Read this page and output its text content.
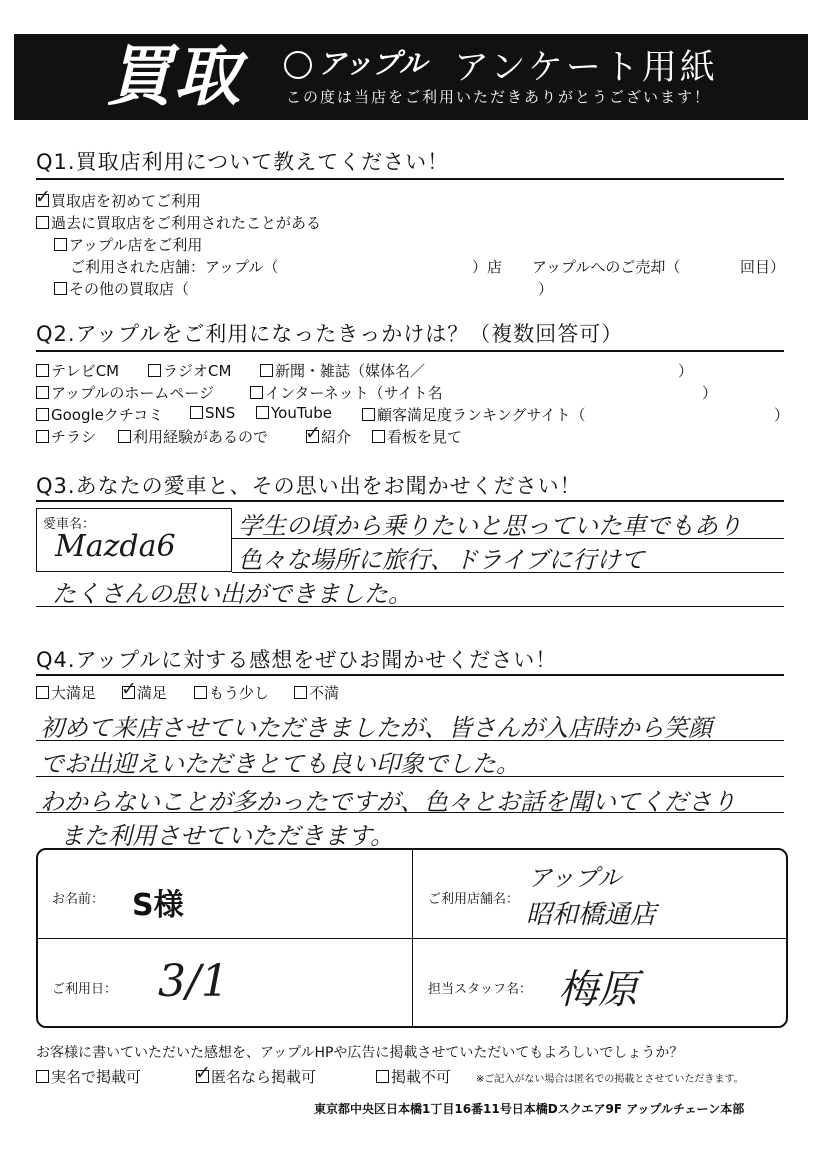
買取	アップル アンケート用紙
この度は当店をご利用いただきありがとうございます！
Q1.買取店利用について教えてください！
✓ 買取店を初めてご利用
過去に買取店をご利用されたことがある
アップル店をご利用
ご利用された店舗：アップル（	）店 アップルへのご売却（	回目）
その他の買取店（	）
Q2.アップルをご利用になったきっかけは？（複数回答可）
テレビCM	ラジオCM	新聞・雑誌（媒体名／	）
アップルのホームページ	インターネット（サイト名	）
Googleクチコミ	SNS	YouTube	顧客満足度ランキングサイト（	）
チラシ	利用経験があるので ✓ 紹介	看板を見て
Q3.あなたの愛車と、その思い出をお聞かせください！
愛車名：
Mazda6
学生の頃から乗りたいと思っていた車でもあり
色々な場所に旅行、ドライブに行けて
たくさんの思い出ができました。
Q4.アップルに対する感想をぜひお聞かせください！
大満足 ✓ 満足	もう少し	不満
初めて来店させていただきましたが、皆さんが入店時から笑顔
でお出迎えいただきとても良い印象でした。
わからないことが多かったですが、色々とお話を聞いてくださり
また利用させていただきます。
お名前： S様	ご利用店舗名：
アップル
昭和橋通店
ご利用日： 3/1	担当スタッフ名： 梅原
お客様に書いていただいた感想を、アップルHPや広告に掲載させていただいてもよろしいでしょうか？
実名で掲載可	✓ 匿名なら掲載可	掲載不可 ※ご記入がない場合は匿名での掲載とさせていただきます。
東京都中央区日本橋1丁目16番11号日本橋Dスクエア9F アップルチェーン本部
